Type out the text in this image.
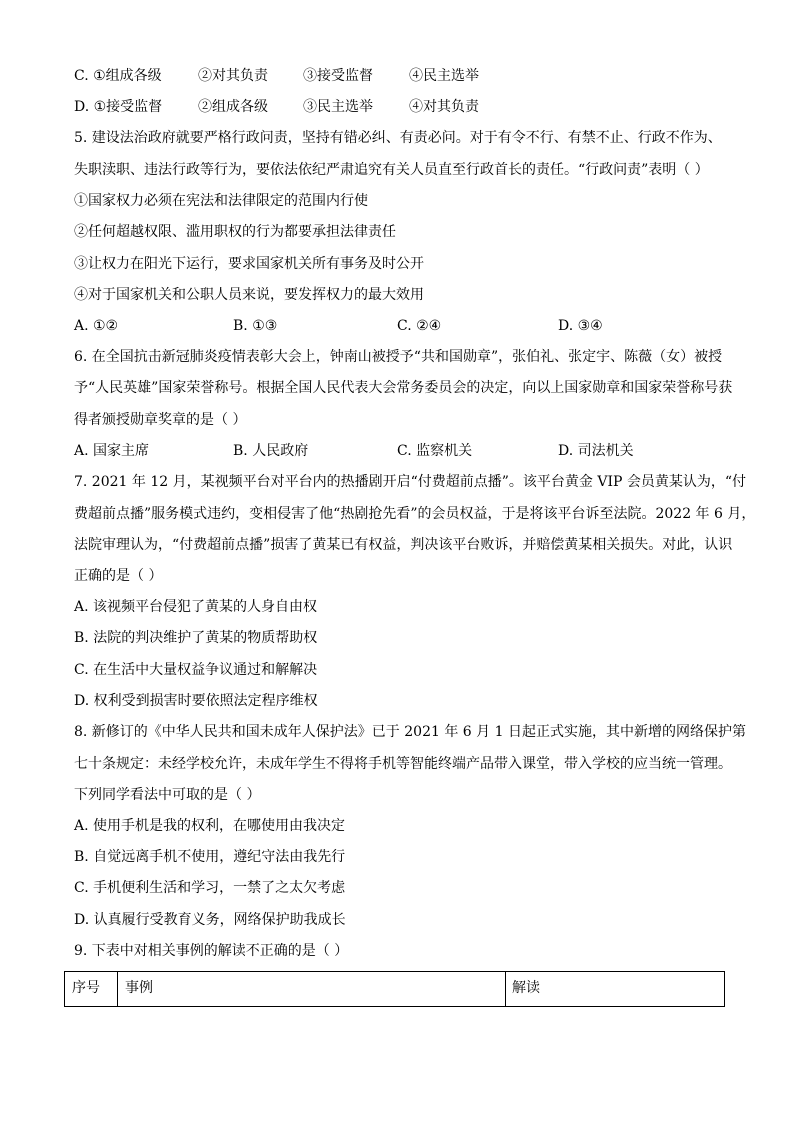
C. ①组成各级	②对其负责	③接受监督	④民主选举
D. ①接受监督	②组成各级	③民主选举	④对其负责
5. 建设法治政府就要严格行政问责，坚持有错必纠、有责必问。对于有令不行、有禁不止、行政不作为、
失职渎职、违法行政等行为，要依法依纪严肃追究有关人员直至行政首长的责任。“行政问责”表明（ ）
①国家权力必须在宪法和法律限定的范围内行使
②任何超越权限、滥用职权的行为都要承担法律责任
③让权力在阳光下运行，要求国家机关所有事务及时公开
④对于国家机关和公职人员来说，要发挥权力的最大效用
A. ①②	B. ①③	C. ②④	D. ③④
6. 在全国抗击新冠肺炎疫情表彰大会上，钟南山被授予“共和国勋章”，张伯礼、张定宇、陈薇（女）被授
予“人民英雄”国家荣誉称号。根据全国人民代表大会常务委员会的决定，向以上国家勋章和国家荣誉称号获
得者颁授勋章奖章的是（ ）
A. 国家主席	B. 人民政府	C. 监察机关	D. 司法机关
7. 2021 年 12 月，某视频平台对平台内的热播剧开启“付费超前点播”。该平台黄金 VIP 会员黄某认为，“付
费超前点播”服务模式违约，变相侵害了他“热剧抢先看”的会员权益，于是将该平台诉至法院。2022 年 6 月，
法院审理认为，“付费超前点播”损害了黄某已有权益，判决该平台败诉，并赔偿黄某相关损失。对此，认识
正确的是（ ）
A. 该视频平台侵犯了黄某的人身自由权
B. 法院的判决维护了黄某的物质帮助权
C. 在生活中大量权益争议通过和解解决
D. 权利受到损害时要依照法定程序维权
8. 新修订的《中华人民共和国未成年人保护法》已于 2021 年 6 月 1 日起正式实施，其中新增的网络保护第
七十条规定：未经学校允许，未成年学生不得将手机等智能终端产品带入课堂，带入学校的应当统一管理。
下列同学看法中可取的是（ ）
A. 使用手机是我的权利，在哪使用由我决定
B. 自觉远离手机不使用，遵纪守法由我先行
C. 手机便利生活和学习，一禁了之太欠考虑
D. 认真履行受教育义务，网络保护助我成长
9. 下表中对相关事例的解读不正确的是（ ）
序号 事例	解读
